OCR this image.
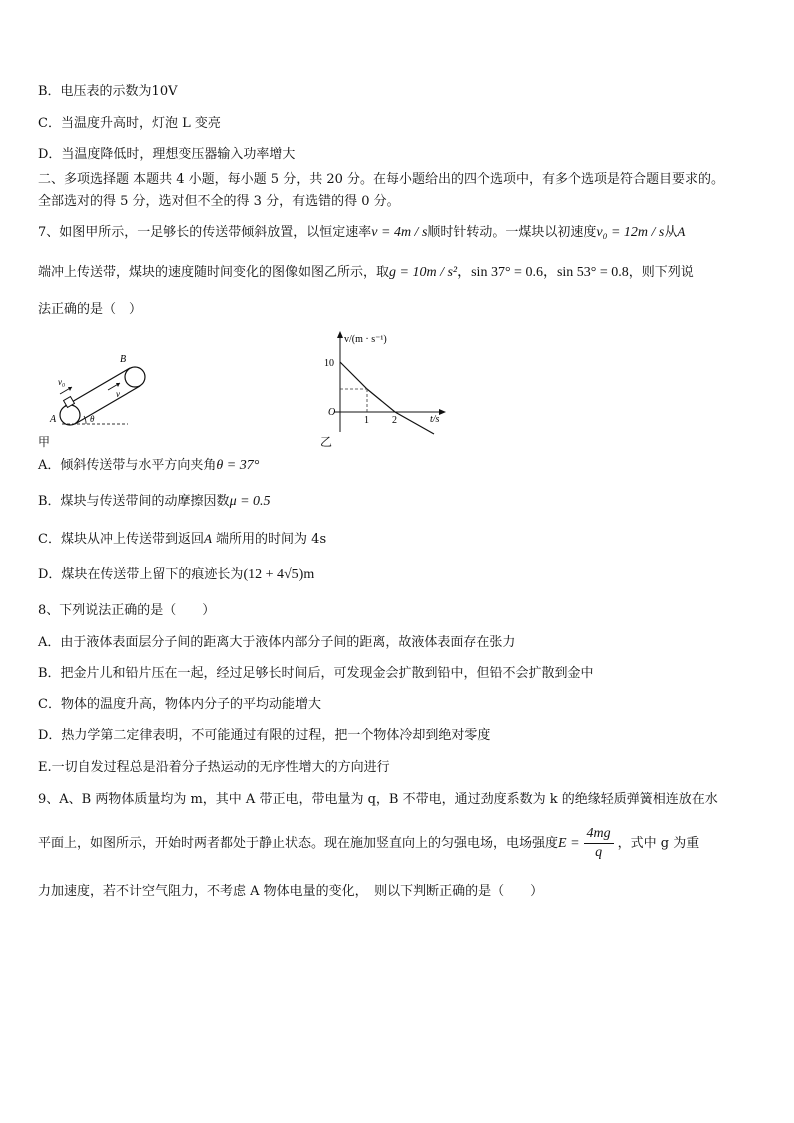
B．电压表的示数为10V
C．当温度升高时，灯泡 L 变亮
D．当温度降低时，理想变压器输入功率增大
二、多项选择题 本题共 4 小题，每小题 5 分，共 20 分。在每小题给出的四个选项中，有多个选项是符合题目要求的。
全部选对的得 5 分，选对但不全的得 3 分，有选错的得 0 分。
7、如图甲所示，一足够长的传送带倾斜放置，以恒定速率v = 4m / s顺时针转动。一煤块以初速度v₀ = 12m / s从A
端冲上传送带，煤块的速度随时间变化的图像如图乙所示，取g = 10m / s²，sin 37° = 0.6，sin 53° = 0.8，则下列说
法正确的是（　）
A
B
v₀
v
θ
甲
v/(m · s⁻¹)
t/s
10
1 2
O
乙
A．倾斜传送带与水平方向夹角θ = 37°
B．煤块与传送带间的动摩擦因数μ = 0.5
C．煤块从冲上传送带到返回A 端所用的时间为 4s
D．煤块在传送带上留下的痕迹长为(12 + 4√5)m
8、下列说法正确的是（　　）
A．由于液体表面层分子间的距离大于液体内部分子间的距离，故液体表面存在张力
B．把金片儿和铅片压在一起，经过足够长时间后，可发现金会扩散到铅中，但铅不会扩散到金中
C．物体的温度升高，物体内分子的平均动能增大
D．热力学第二定律表明，不可能通过有限的过程，把一个物体冷却到绝对零度
E.一切自发过程总是沿着分子热运动的无序性增大的方向进行
9、A、B 两物体质量均为 m，其中 A 带正电，带电量为 q，B 不带电，通过劲度系数为 k 的绝缘轻质弹簧相连放在水
平面上，如图所示，开始时两者都处于静止状态。现在施加竖直向上的匀强电场，电场强度$E = \frac{4mg}{q}$ ，式中 g 为重
力加速度，若不计空气阻力，不考虑 A 物体电量的变化，　则以下判断正确的是（　　）
